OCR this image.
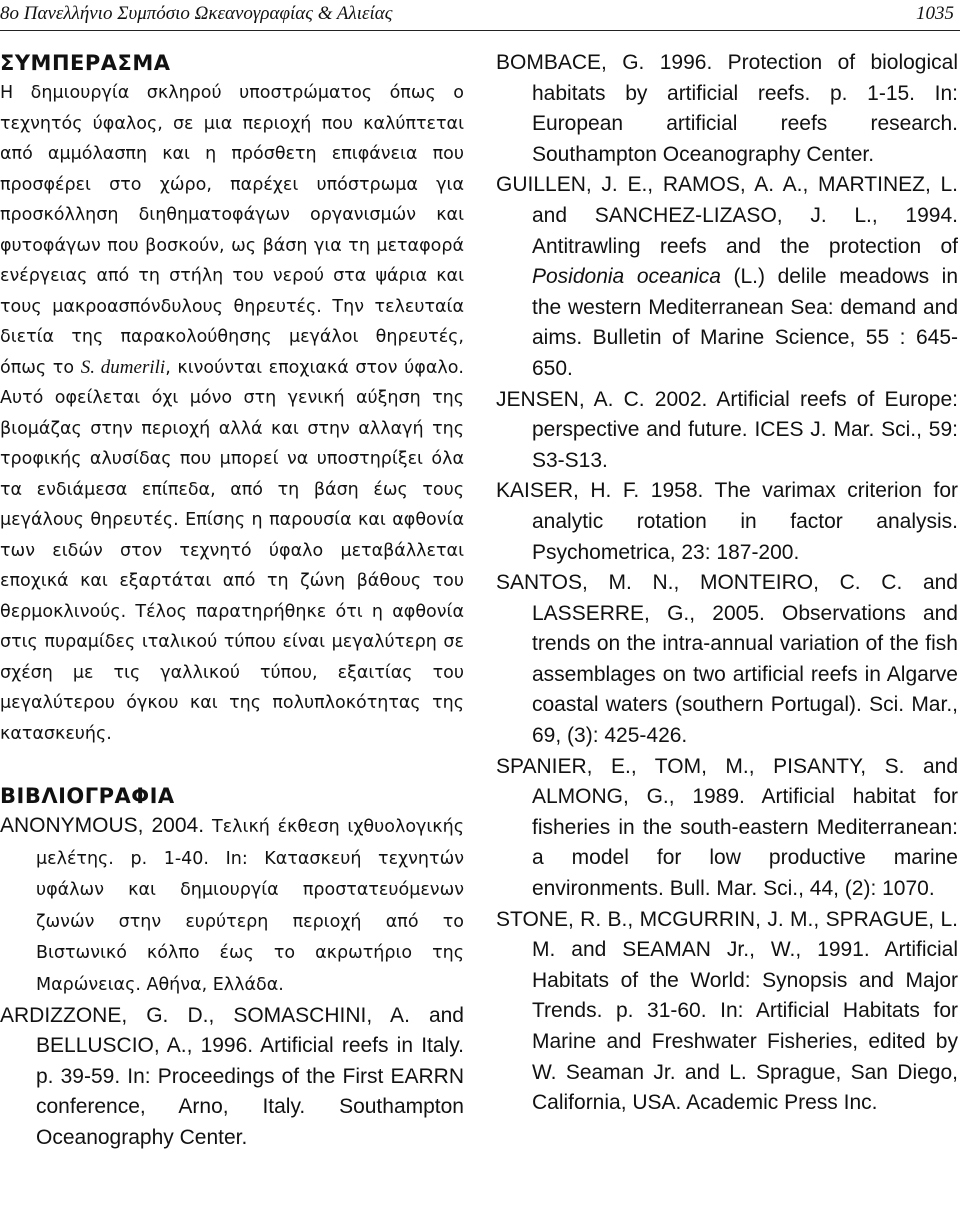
8ο Πανελλήνιο Συμπόσιο Ωκεανογραφίας & Αλιείας	1035
ΣΥΜΠΕΡΑΣΜΑ

Η δημιουργία σκληρού υποστρώματος όπως ο τεχνητός ύφαλος, σε μια περιοχή που καλύπτεται από αμμόλασπη και η πρόσθετη επιφάνεια που προσφέρει στο χώρο, παρέχει υπόστρωμα για προσκόλληση διηθηματοφάγων οργανισμών και φυτοφάγων που βοσκούν, ως βάση για τη μεταφορά ενέργειας από τη στήλη του νερού στα ψάρια και τους μακροασπόνδυλους θηρευτές. Την τελευταία διετία της παρακολούθησης μεγάλοι θηρευτές, όπως το S. dumerili, κινούνται εποχιακά στον ύφαλο. Αυτό οφείλεται όχι μόνο στη γενική αύξηση της βιομάζας στην περιοχή αλλά και στην αλλαγή της τροφικής αλυσίδας που μπορεί να υποστηρίξει όλα τα ενδιάμεσα επίπεδα, από τη βάση έως τους μεγάλους θηρευτές. Επίσης η παρουσία και αφθονία των ειδών στον τεχνητό ύφαλο μεταβάλλεται εποχικά και εξαρτάται από τη ζώνη βάθους του θερμοκλινούς. Τέλος παρατηρήθηκε ότι η αφθονία στις πυραμίδες ιταλικού τύπου είναι μεγαλύτερη σε σχέση με τις γαλλικού τύπου, εξαιτίας του μεγαλύτερου όγκου και της πολυπλοκότητας της κατασκευής.

ΒΙΒΛΙΟΓΡΑΦΙΑ

ANONYMOUS, 2004. Τελική έκθεση ιχθυολογικής μελέτης. p. 1-40. In: Κατασκευή τεχνητών υφάλων και δημιουργία προστατευόμενων ζωνών στην ευρύτερη περιοχή από το Βιστωνικό κόλπο έως το ακρωτήριο της Μαρώνειας. Αθήνα, Ελλάδα.

ARDIZZONE, G. D., SOMASCHINI, A. and BELLUSCIO, A., 1996. Artificial reefs in Italy. p. 39-59. In: Proceedings of the First EARRN conference, Arno, Italy. Southampton Oceanography Center.

BOMBACE, G. 1996. Protection of biological habitats by artificial reefs. p. 1-15. In: European artificial reefs research. Southampton Oceanography Center.

GUILLEN, J. E., RAMOS, A. A., MARTINEZ, L. and SANCHEZ-LIZASO, J. L., 1994. Antitrawling reefs and the protection of Posidonia oceanica (L.) delile meadows in the western Mediterranean Sea: demand and aims. Bulletin of Marine Science, 55 : 645-650.

JENSEN, A. C. 2002. Artificial reefs of Europe: perspective and future. ICES J. Mar. Sci., 59: S3-S13.

KAISER, H. F. 1958. The varimax criterion for analytic rotation in factor analysis. Psychometrica, 23: 187-200.

SANTOS, M. N., MONTEIRO, C. C. and LASSERRE, G., 2005. Observations and trends on the intra-annual variation of the fish assemblages on two artificial reefs in Algarve coastal waters (southern Portugal). Sci. Mar., 69, (3): 425-426.

SPANIER, E., TOM, M., PISANTY, S. and ALMONG, G., 1989. Artificial habitat for fisheries in the south-eastern Mediterranean: a model for low productive marine environments. Bull. Mar. Sci., 44, (2): 1070.

STONE, R. B., MCGURRIN, J. M., SPRAGUE, L. M. and SEAMAN Jr., W., 1991. Artificial Habitats of the World: Synopsis and Major Trends. p. 31-60. In: Artificial Habitats for Marine and Freshwater Fisheries, edited by W. Seaman Jr. and L. Sprague, San Diego, California, USA. Academic Press Inc.
